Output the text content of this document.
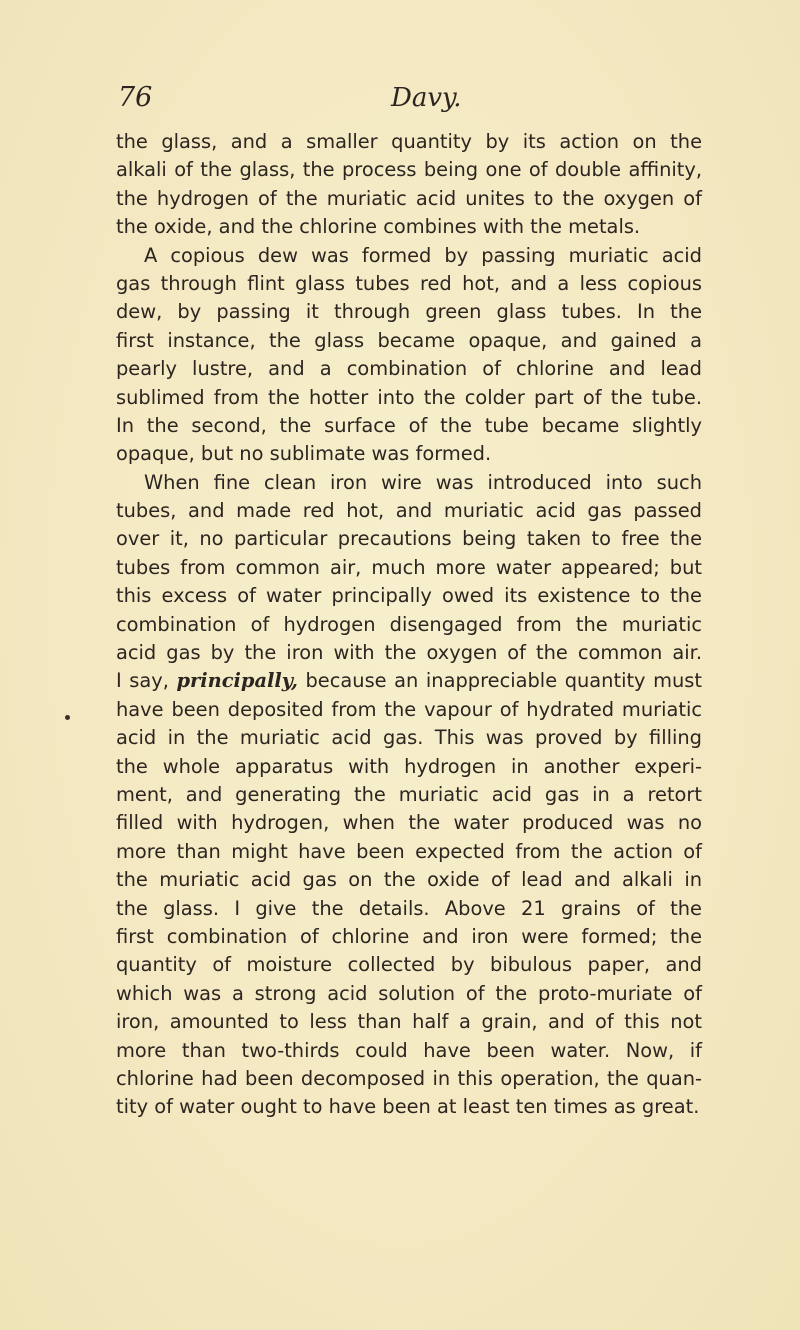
76	Davy.
the glass, and a smaller quantity by its action on the
alkali of the glass, the process being one of double affinity,
the hydrogen of the muriatic acid unites to the oxygen of
the oxide, and the chlorine combines with the metals.
A copious dew was formed by passing muriatic acid
gas through flint glass tubes red hot, and a less copious
dew, by passing it through green glass tubes. In the
first instance, the glass became opaque, and gained a
pearly lustre, and a combination of chlorine and lead
sublimed from the hotter into the colder part of the tube.
In the second, the surface of the tube became slightly
opaque, but no sublimate was formed.
When fine clean iron wire was introduced into such
tubes, and made red hot, and muriatic acid gas passed
over it, no particular precautions being taken to free the
tubes from common air, much more water appeared; but
this excess of water principally owed its existence to the
combination of hydrogen disengaged from the muriatic
acid gas by the iron with the oxygen of the common air.
I say, principally, because an inappreciable quantity must
have been deposited from the vapour of hydrated muriatic
acid in the muriatic acid gas. This was proved by filling
the whole apparatus with hydrogen in another experi-
ment, and generating the muriatic acid gas in a retort
filled with hydrogen, when the water produced was no
more than might have been expected from the action of
the muriatic acid gas on the oxide of lead and alkali in
the glass. I give the details. Above 21 grains of the
first combination of chlorine and iron were formed; the
quantity of moisture collected by bibulous paper, and
which was a strong acid solution of the proto-muriate of
iron, amounted to less than half a grain, and of this not
more than two-thirds could have been water. Now, if
chlorine had been decomposed in this operation, the quan-
tity of water ought to have been at least ten times as great.
